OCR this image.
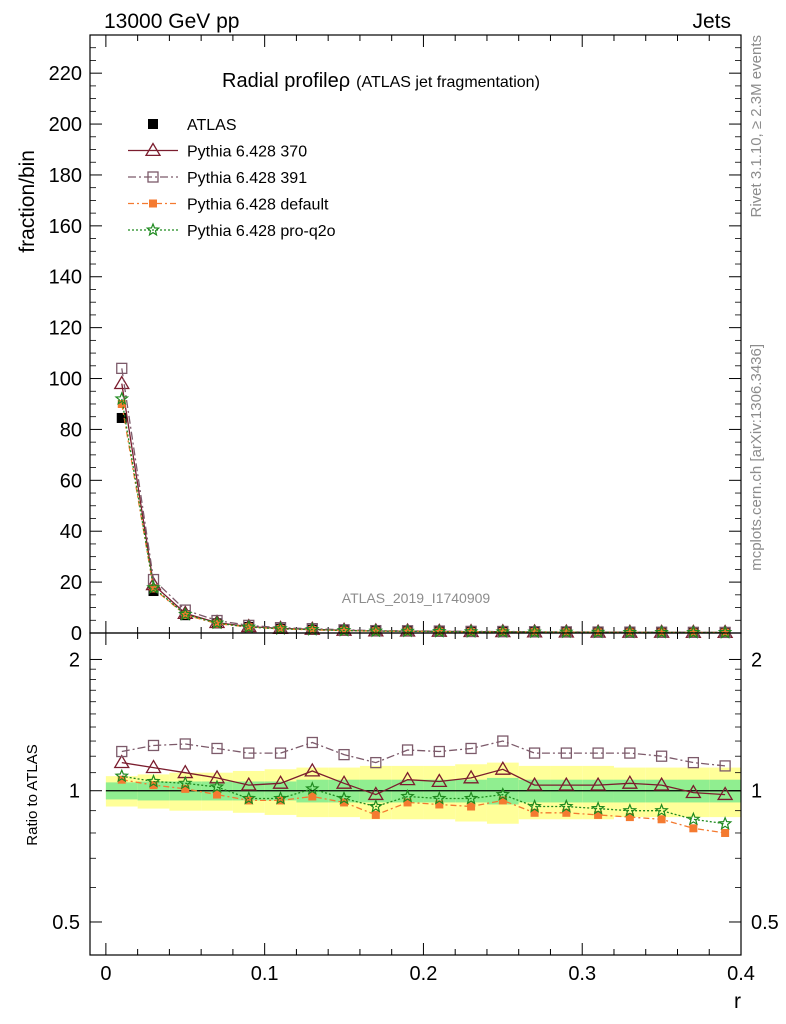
13000 GeV pp	Jets
0
20
40
60
80
100
120
140
160
180
200
220
ATLAS_2019_I1740909
fraction/bin
Radial profileρ (ATLAS jet fragmentation)
ATLAS
Pythia 6.428 370
Pythia 6.428 391
Pythia 6.428 default
Pythia 6.428 pro-q2o
0.5	0.5
1	1
2	2
0	0.1	0.2	0.3	0.4
Ratio to ATLAS
r
Rivet 3.1.10, ≥ 2.3M events
mcplots.cern.ch [arXiv:1306.3436]
